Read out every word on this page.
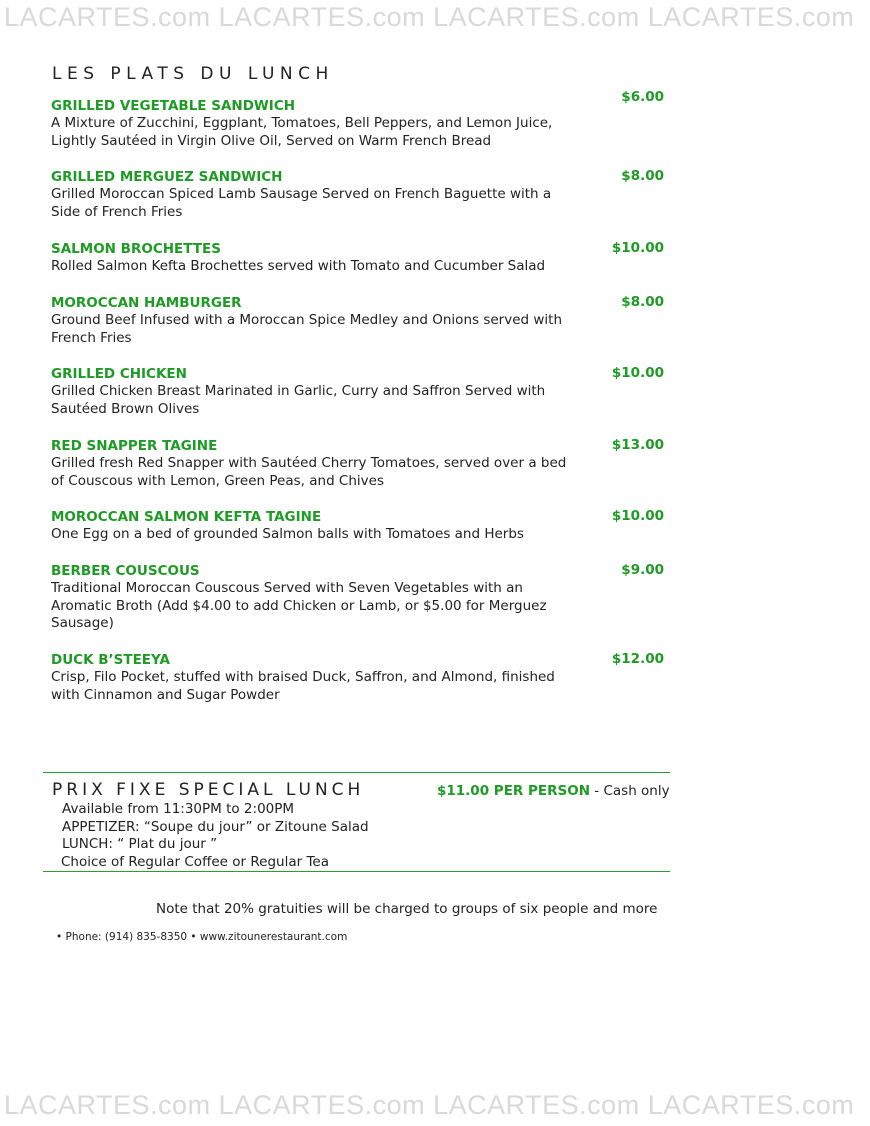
LACARTES.com LACARTES.com LACARTES.com LACARTES.com
LES PLATS DU LUNCH
GRILLED VEGETABLE SANDWICH
A Mixture of Zucchini, Eggplant, Tomatoes, Bell Peppers, and Lemon Juice, Lightly Sautéed in Virgin Olive Oil, Served on Warm French Bread
$6.00
GRILLED MERGUEZ SANDWICH
Grilled Moroccan Spiced Lamb Sausage Served on French Baguette with a Side of French Fries
$8.00
SALMON BROCHETTES
Rolled Salmon Kefta Brochettes served with Tomato and Cucumber Salad
$10.00
MOROCCAN HAMBURGER
Ground Beef Infused with a Moroccan Spice Medley and Onions served with French Fries
$8.00
GRILLED CHICKEN
Grilled Chicken Breast Marinated in Garlic, Curry and Saffron Served with Sautéed Brown Olives
$10.00
RED SNAPPER TAGINE
Grilled fresh Red Snapper with Sautéed Cherry Tomatoes, served over a bed of Couscous with Lemon, Green Peas, and Chives
$13.00
MOROCCAN SALMON KEFTA TAGINE
One Egg on a bed of grounded Salmon balls with Tomatoes and Herbs
$10.00
BERBER COUSCOUS
Traditional Moroccan Couscous Served with Seven Vegetables with an Aromatic Broth (Add $4.00 to add Chicken or Lamb, or $5.00 for Merguez Sausage)
$9.00
DUCK B’STEEYA
Crisp, Filo Pocket, stuffed with braised Duck, Saffron, and Almond, finished with Cinnamon and Sugar Powder
$12.00
PRIX FIXE SPECIAL LUNCH	$11.00 PER PERSON - Cash only
Available from 11:30PM to 2:00PM
APPETIZER: “Soupe du jour” or Zitoune Salad
LUNCH: “ Plat du jour ”
Choice of Regular Coffee or Regular Tea
Note that 20% gratuities will be charged to groups of six people and more
• Phone: (914) 835-8350 • www.zitounerestaurant.com
LACARTES.com LACARTES.com LACARTES.com LACARTES.com
